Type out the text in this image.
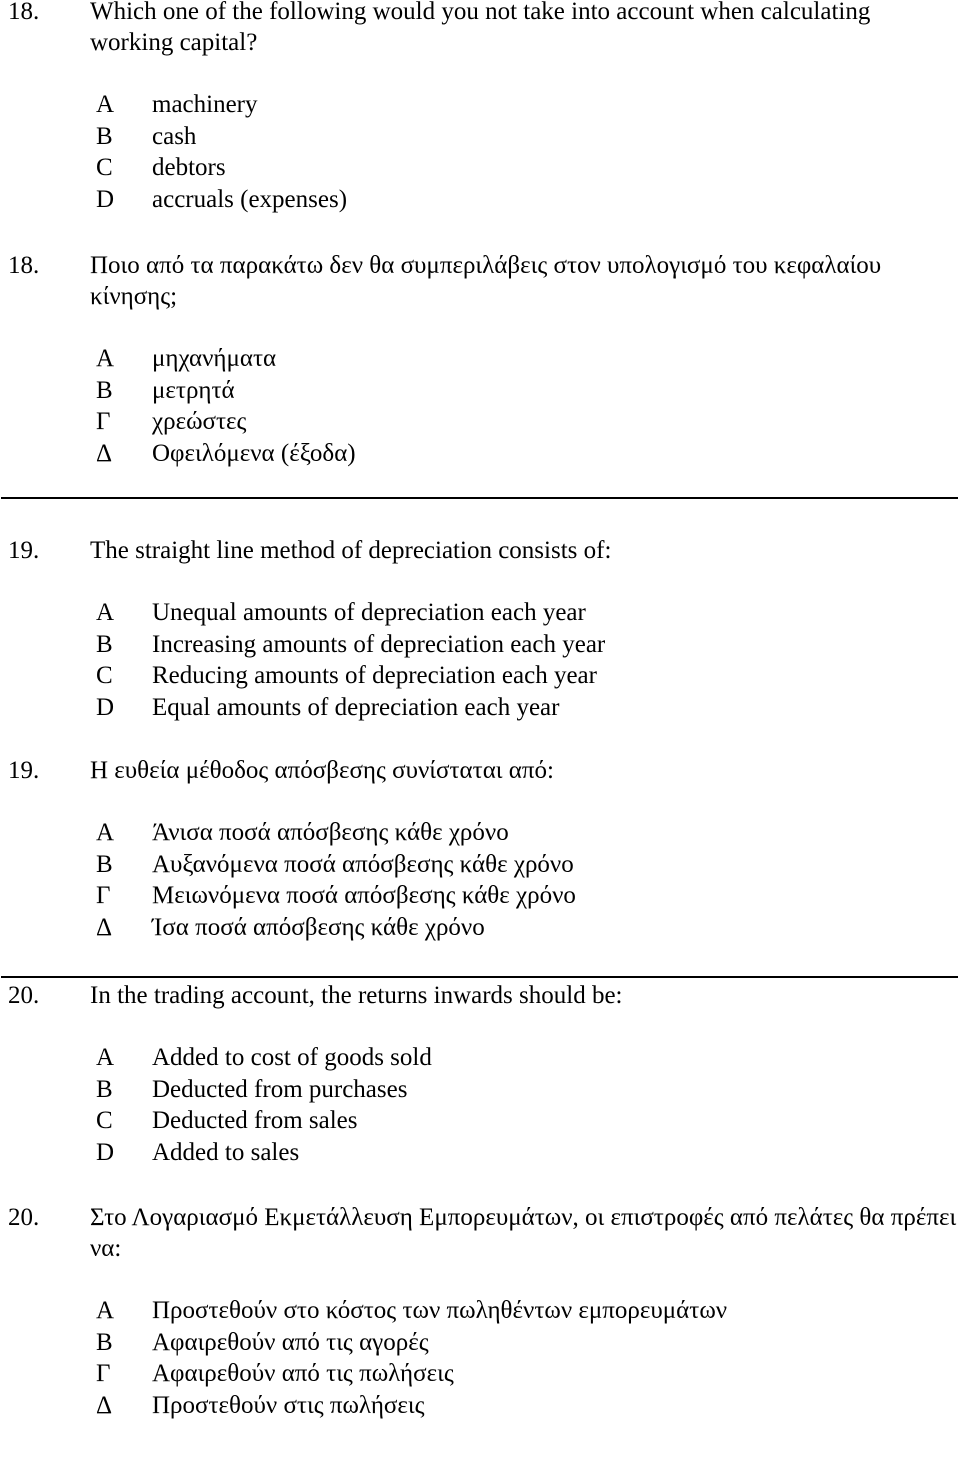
18.	Which one of the following would you not take into account when calculating working capital?
A	machinery
B	cash
C	debtors
D	accruals (expenses)
18.	Ποιο από τα παρακάτω δεν θα συμπεριλάβεις στον υπολογισμό του κεφαλαίου κίνησης;
Α	μηχανήματα
Β	μετρητά
Γ	χρεώστες
Δ	Οφειλόμενα (έξοδα)
19.	The straight line method of depreciation consists of:
A	Unequal amounts of depreciation each year
B	Increasing amounts of depreciation each year
C	Reducing amounts of depreciation each year
D	Equal amounts of depreciation each year
19.	Η ευθεία μέθοδος απόσβεσης συνίσταται από:
Α	Άνισα ποσά απόσβεσης κάθε χρόνο
Β	Αυξανόμενα ποσά απόσβεσης κάθε χρόνο
Γ	Μειωνόμενα ποσά απόσβεσης κάθε χρόνο
Δ	Ίσα ποσά απόσβεσης κάθε χρόνο
20.	In the trading account, the returns inwards should be:
A	Added to cost of goods sold
B	Deducted from purchases
C	Deducted from sales
D	Added to sales
20.	Στο Λογαριασμό Εκμετάλλευση Εμπορευμάτων, οι επιστροφές από πελάτες θα πρέπει να:
Α	Προστεθούν στο κόστος των πωληθέντων εμπορευμάτων
Β	Αφαιρεθούν από τις αγορές
Γ	Αφαιρεθούν από τις πωλήσεις
Δ	Προστεθούν στις πωλήσεις
